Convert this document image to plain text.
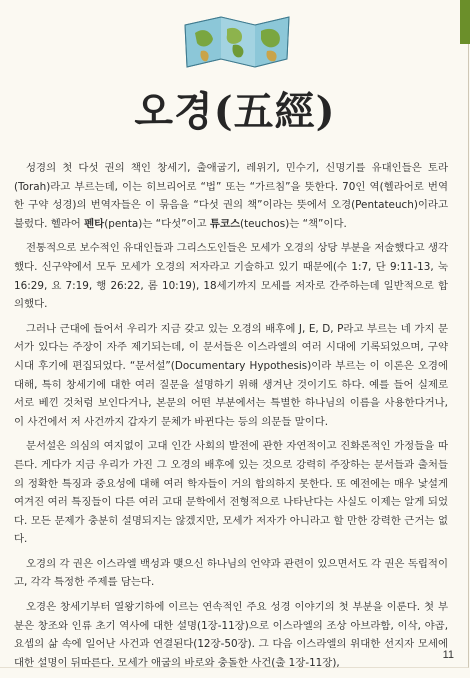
오경(五經)

성경의 첫 다섯 권의 책인 창세기, 출애굽기, 레위기, 민수기, 신명기를 유대인들은 토라(Torah)라고 부르는데, 이는 히브리어로 “법” 또는 “가르침”을 뜻한다. 70인 역(헬라어로 번역한 구약 성경)의 번역자들은 이 묶음을 “다섯 권의 책”이라는 뜻에서 오경(Pentateuch)이라고 불렀다. 헬라어 펜타(penta)는 “다섯”이고 튜코스(teuchos)는 “책”이다.

전통적으로 보수적인 유대인들과 그리스도인들은 모세가 오경의 상당 부분을 저술했다고 생각했다. 신구약에서 모두 모세가 오경의 저자라고 기술하고 있기 때문에(수 1:7, 단 9:11-13, 눅 16:29, 요 7:19, 행 26:22, 롬 10:19), 18세기까지 모세를 저자로 간주하는데 일반적으로 합의했다.

그러나 근대에 들어서 우리가 지금 갖고 있는 오경의 배후에 J, E, D, P라고 부르는 네 가지 문서가 있다는 주장이 자주 제기되는데, 이 문서들은 이스라엘의 여러 시대에 기록되었으며, 구약 시대 후기에 편집되었다. “문서설”(Documentary Hypothesis)이라 부르는 이 이론은 오경에 대해, 특히 창세기에 대한 여러 질문을 설명하기 위해 생겨난 것이기도 하다. 예를 들어 실제로 서로 베낀 것처럼 보인다거나, 본문의 어떤 부분에서는 특별한 하나님의 이름을 사용한다거나, 이 사건에서 저 사건까지 갑자기 문체가 바뀐다는 등의 의문들 말이다.

문서설은 의심의 여지없이 고대 인간 사회의 발전에 관한 자연적이고 진화론적인 가정들을 따른다. 게다가 지금 우리가 가진 그 오경의 배후에 있는 것으로 강력히 주장하는 문서들과 출처들의 정확한 특징과 중요성에 대해 여러 학자들이 거의 합의하지 못한다. 또 예전에는 매우 낯설게 여겨진 여러 특징들이 다른 여러 고대 문학에서 전형적으로 나타난다는 사실도 이제는 알게 되었다. 모든 문제가 충분히 설명되지는 않겠지만, 모세가 저자가 아니라고 할 만한 강력한 근거는 없다.

오경의 각 권은 이스라엘 백성과 맺으신 하나님의 언약과 관련이 있으면서도 각 권은 독립적이고, 각각 특정한 주제를 담는다.

오경은 창세기부터 열왕기하에 이르는 연속적인 주요 성경 이야기의 첫 부분을 이룬다. 첫 부분은 창조와 인류 초기 역사에 대한 설명(1장-11장)으로 이스라엘의 조상 아브라함, 이삭, 야곱, 요셉의 삶 속에 일어난 사건과 연결된다(12장-50장). 그 다음 이스라엘의 위대한 선지자 모세에 대한 설명이 뒤따른다. 모세가 애굽의 바로와 충돌한 사건(출 1장-11장),

11
